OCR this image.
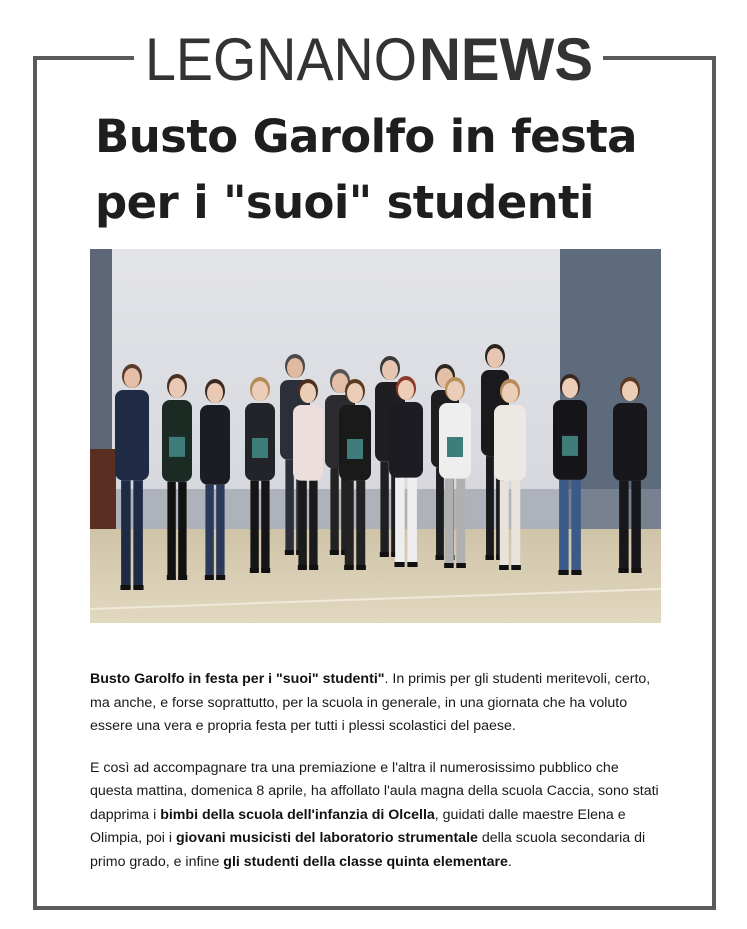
LEGNANO NEWS
Busto Garolfo in festa
per i "suoi" studenti

Busto Garolfo in festa per i "suoi" studenti". In primis per gli studenti meritevoli, certo, ma anche, e forse soprattutto, per la scuola in generale, in una giornata che ha voluto essere una vera e propria festa per tutti i plessi scolastici del paese.

E così ad accompagnare tra una premiazione e l'altra il numerosissimo pubblico che questa mattina, domenica 8 aprile, ha affollato l'aula magna della scuola Caccia, sono stati dapprima i bimbi della scuola dell'infanzia di Olcella, guidati dalle maestre Elena e Olimpia, poi i giovani musicisti del laboratorio strumentale della scuola secondaria di primo grado, e infine gli studenti della classe quinta elementare.
